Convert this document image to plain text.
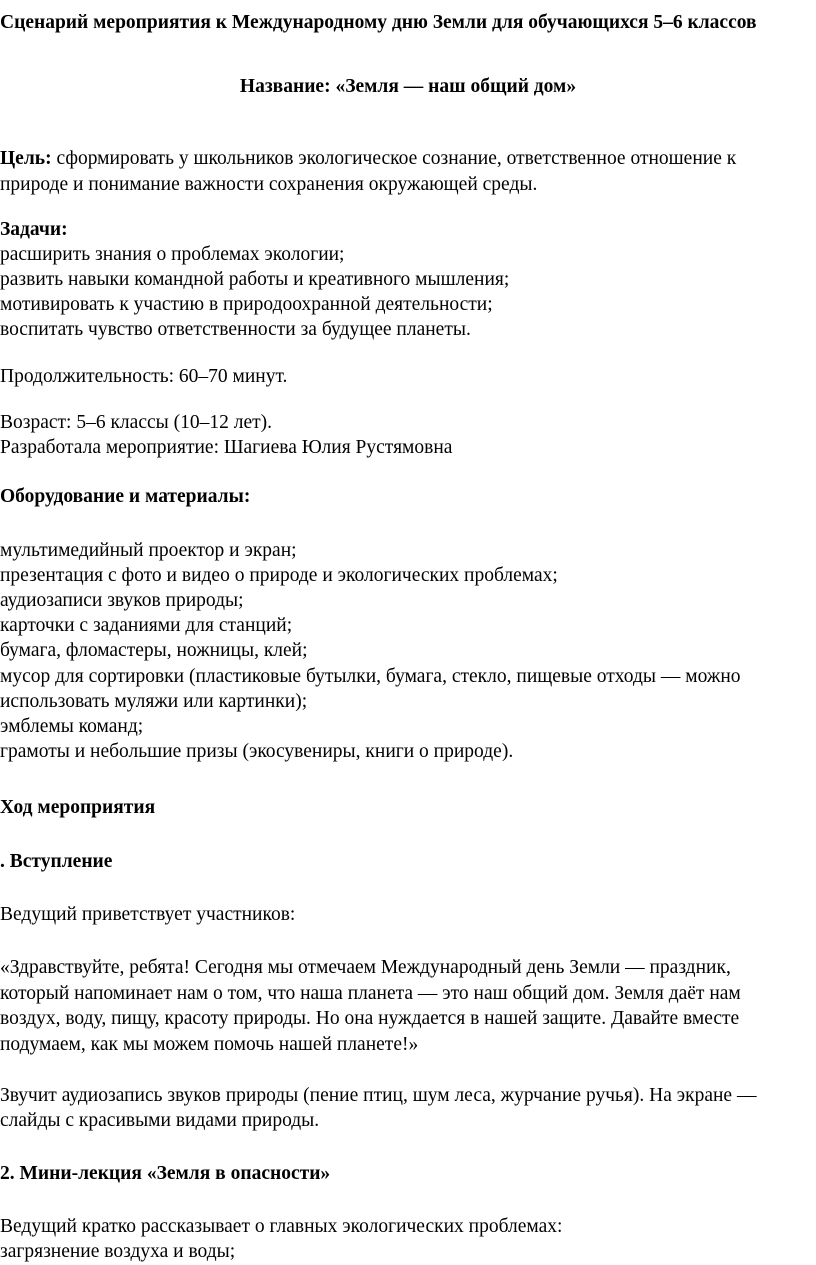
Сценарий мероприятия к Международному дню Земли для обучающихся 5–6 классов
Название: «Земля — наш общий дом»
Цель: сформировать у школьников экологическое сознание, ответственное отношение к
природе и понимание важности сохранения окружающей среды.
Задачи:
расширить знания о проблемах экологии;
развить навыки командной работы и креативного мышления;
мотивировать к участию в природоохранной деятельности;
воспитать чувство ответственности за будущее планеты.
Продолжительность: 60–70 минут.
Возраст: 5–6 классы (10–12 лет).
Разработала мероприятие: Шагиева Юлия Рустямовна
Оборудование и материалы:
мультимедийный проектор и экран;
презентация с фото и видео о природе и экологических проблемах;
аудиозаписи звуков природы;
карточки с заданиями для станций;
бумага, фломастеры, ножницы, клей;
мусор для сортировки (пластиковые бутылки, бумага, стекло, пищевые отходы — можно
использовать муляжи или картинки);
эмблемы команд;
грамоты и небольшие призы (экосувениры, книги о природе).
Ход мероприятия
. Вступление
Ведущий приветствует участников:
«Здравствуйте, ребята! Сегодня мы отмечаем Международный день Земли — праздник,
который напоминает нам о том, что наша планета — это наш общий дом. Земля даёт нам
воздух, воду, пищу, красоту природы. Но она нуждается в нашей защите. Давайте вместе
подумаем, как мы можем помочь нашей планете!»
Звучит аудиозапись звуков природы (пение птиц, шум леса, журчание ручья). На экране —
слайды с красивыми видами природы.
2. Мини-лекция «Земля в опасности»
Ведущий кратко рассказывает о главных экологических проблемах:
загрязнение воздуха и воды;
